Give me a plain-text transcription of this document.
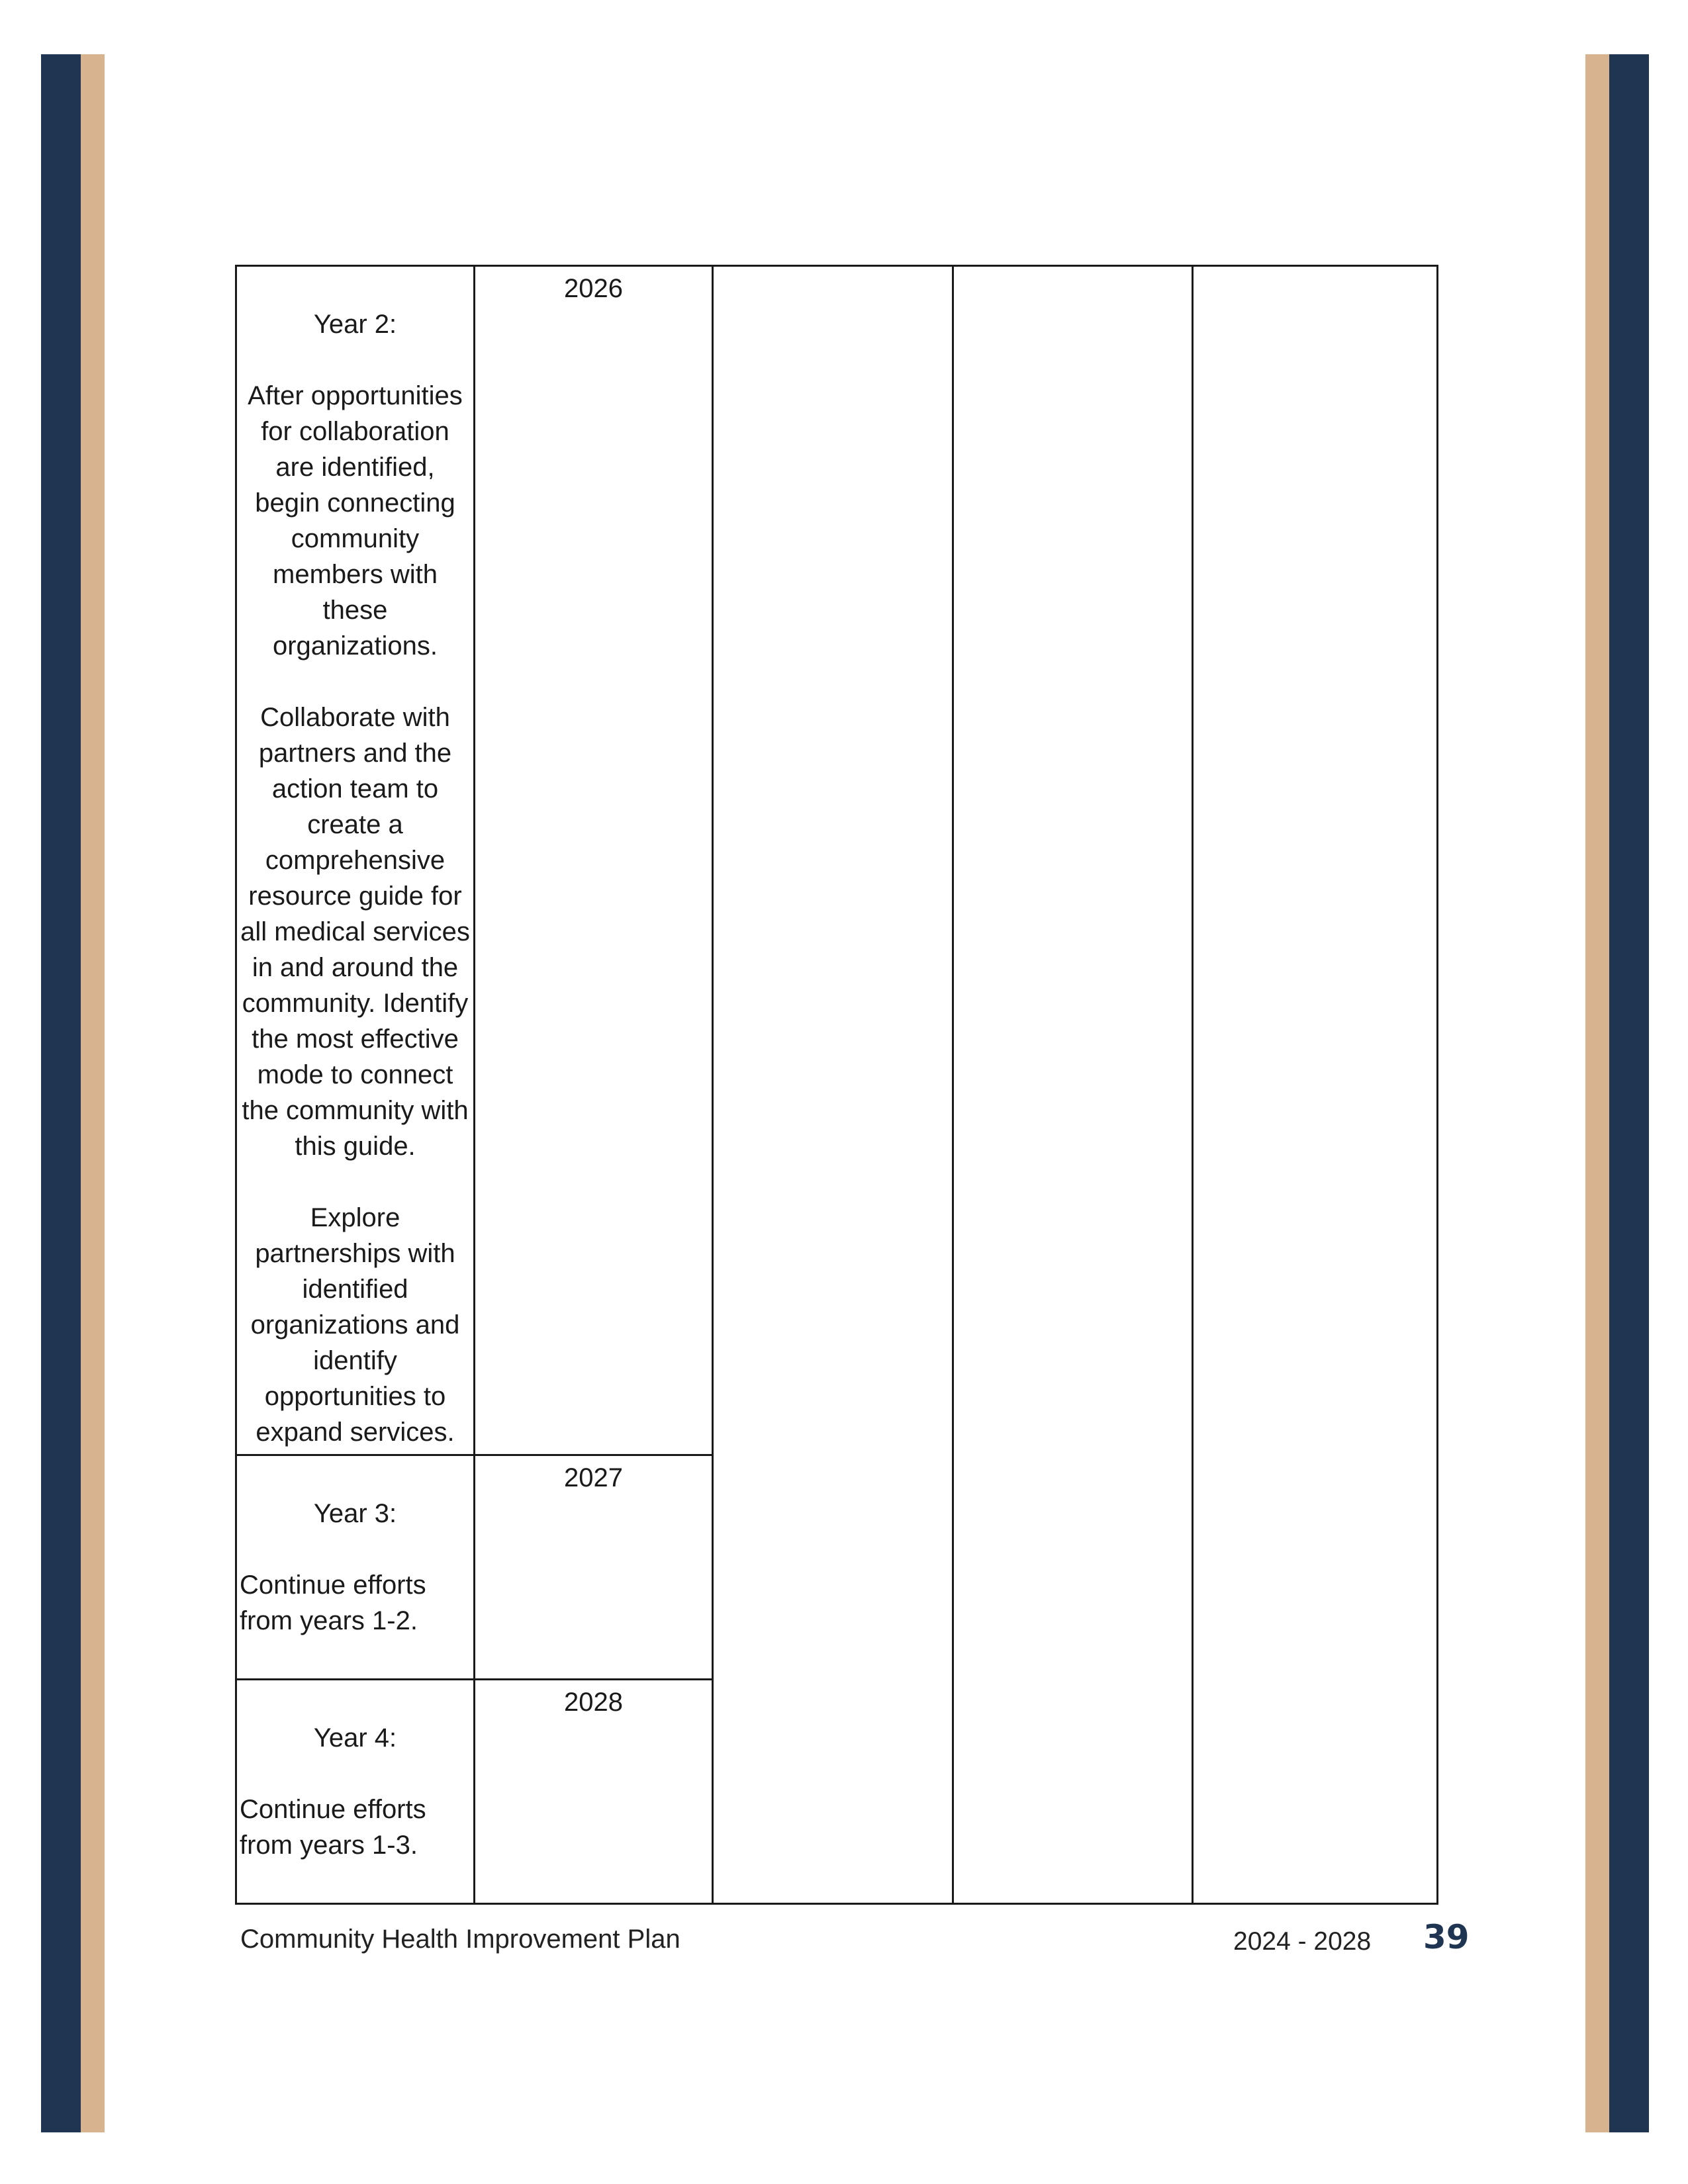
Year 2:

After opportunities for collaboration are identified, begin connecting community members with these organizations.

Collaborate with partners and the action team to create a comprehensive resource guide for all medical services in and around the community. Identify the most effective mode to connect the community with this guide.

Explore partnerships with identified organizations and identify opportunities to expand services.	2026			

Year 3:

Continue efforts from years 1-2.	2027			

Year 4:

Continue efforts from years 1-3.	2028			
Community Health Improvement Plan	2024 - 2028 39
